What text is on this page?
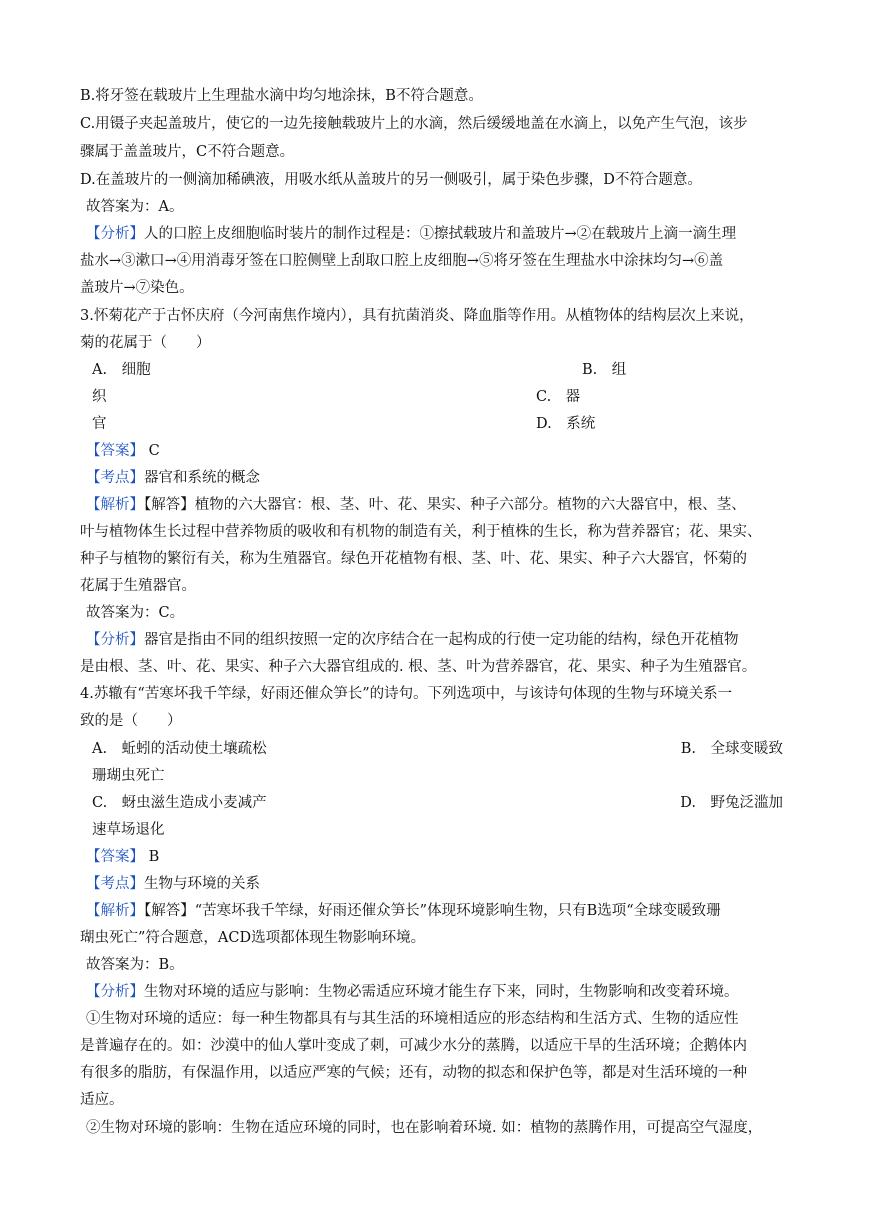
B.将牙签在载玻片上生理盐水滴中均匀地涂抹，B不符合题意。
C.用镊子夹起盖玻片，使它的一边先接触载玻片上的水滴，然后缓缓地盖在水滴上，以免产生气泡，该步
骤属于盖盖玻片，C不符合题意。
D.在盖玻片的一侧滴加稀碘液，用吸水纸从盖玻片的另一侧吸引，属于染色步骤，D不符合题意。
故答案为：A。
【分析】人的口腔上皮细胞临时装片的制作过程是：①擦拭载玻片和盖玻片→②在载玻片上滴一滴生理
盐水→③漱口→④用消毒牙签在口腔侧壁上刮取口腔上皮细胞→⑤将牙签在生理盐水中涂抹均匀→⑥盖
盖玻片→⑦染色。
3.怀菊花产于古怀庆府（今河南焦作境内），具有抗菌消炎、降血脂等作用。从植物体的结构层次上来说，
菊的花属于（　　）
A.　细胞	B.　组
织	C.　器
官	D.　系统
【答案】 C
【考点】器官和系统的概念
【解析】【解答】植物的六大器官：根、茎、叶、花、果实、种子六部分。植物的六大器官中，根、茎、
叶与植物体生长过程中营养物质的吸收和有机物的制造有关，利于植株的生长，称为营养器官；花、果实、
种子与植物的繁衍有关，称为生殖器官。绿色开花植物有根、茎、叶、花、果实、种子六大器官，怀菊的
花属于生殖器官。
故答案为：C。
【分析】器官是指由不同的组织按照一定的次序结合在一起构成的行使一定功能的结构，绿色开花植物
是由根、茎、叶、花、果实、种子六大器官组成的. 根、茎、叶为营养器官，花、果实、种子为生殖器官。
4.苏辙有“苦寒坏我千竿绿，好雨还催众笋长”的诗句。下列选项中，与该诗句体现的生物与环境关系一
致的是（　　）
A.　蚯蚓的活动使土壤疏松	B.　全球变暖致
珊瑚虫死亡
C.　蚜虫滋生造成小麦减产	D.　野兔泛滥加
速草场退化
【答案】 B
【考点】生物与环境的关系
【解析】【解答】“苦寒坏我千竿绿，好雨还催众笋长”体现环境影响生物，只有B选项“全球变暖致珊
瑚虫死亡”符合题意，ACD选项都体现生物影响环境。
故答案为：B。
【分析】生物对环境的适应与影响：生物必需适应环境才能生存下来，同时，生物影响和改变着环境。
①生物对环境的适应：每一种生物都具有与其生活的环境相适应的形态结构和生活方式、生物的适应性
是普遍存在的。如：沙漠中的仙人掌叶变成了刺，可减少水分的蒸腾，以适应干旱的生活环境；企鹅体内
有很多的脂肪，有保温作用，以适应严寒的气候；还有，动物的拟态和保护色等，都是对生活环境的一种
适应。
②生物对环境的影响：生物在适应环境的同时，也在影响着环境. 如：植物的蒸腾作用，可提高空气湿度，
